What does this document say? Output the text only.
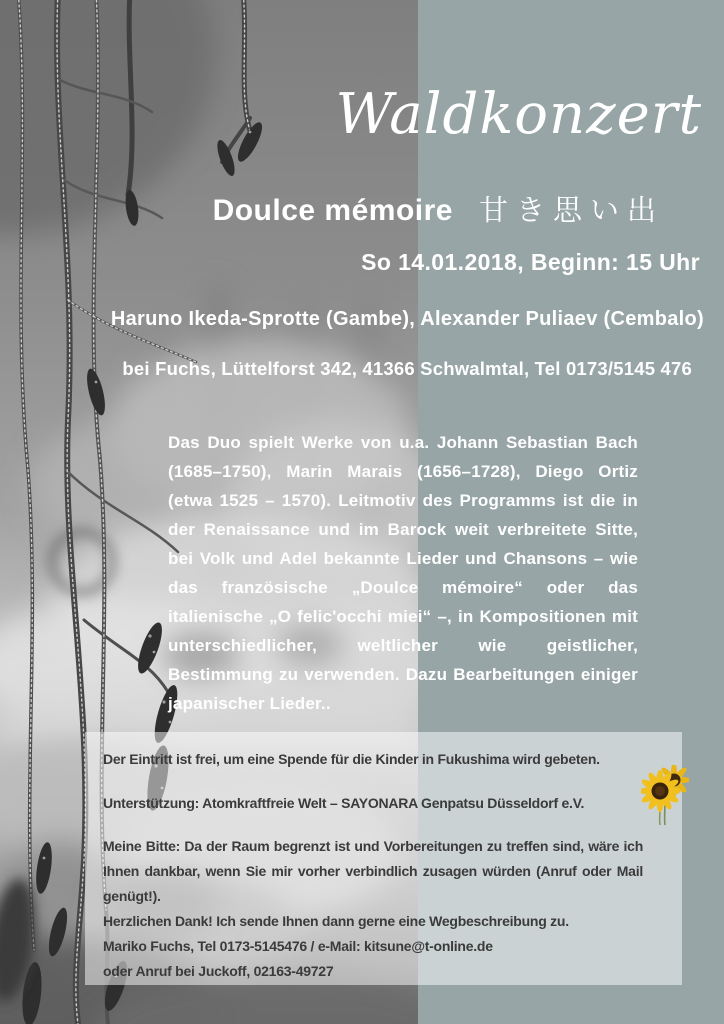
Waldkonzert
Doulce mémoire 甘き思い出
So 14.01.2018, Beginn: 15 Uhr
Haruno Ikeda-Sprotte (Gambe), Alexander Puliaev (Cembalo)
bei Fuchs, Lüttelforst 342, 41366 Schwalmtal, Tel 0173/5145 476
Das Duo spielt Werke von u.a. Johann Sebastian Bach (1685–1750), Marin Marais (1656–1728), Diego Ortiz (etwa 1525 – 1570). Leitmotiv des Programms ist die in der Renaissance und im Barock weit verbreitete Sitte, bei Volk und Adel bekannte Lieder und Chansons – wie das französische „Doulce mémoire“ oder das italienische „O felic'occhi miei“ –, in Kompositionen mit unterschiedlicher, weltlicher wie geistlicher, Bestimmung zu verwenden. Dazu Bearbeitungen einiger japanischer Lieder..

Der Eintritt ist frei, um eine Spende für die Kinder in Fukushima wird gebeten.

Unterstützung: Atomkraftfreie Welt – SAYONARA Genpatsu Düsseldorf e.V.

Meine Bitte: Da der Raum begrenzt ist und Vorbereitungen zu treffen sind, wäre ich Ihnen dankbar, wenn Sie mir vorher verbindlich zusagen würden (Anruf oder Mail genügt!).

Herzlichen Dank! Ich sende Ihnen dann gerne eine Wegbeschreibung zu.

Mariko Fuchs, Tel 0173-5145476 / e-Mail: kitsune@t-online.de

oder Anruf bei Juckoff, 02163-49727
